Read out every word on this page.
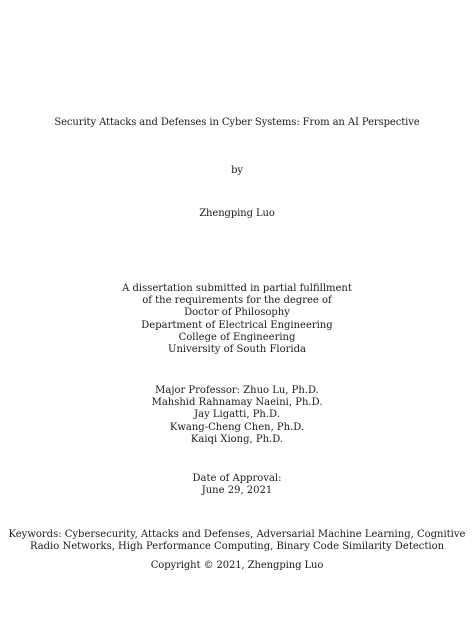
Security Attacks and Defenses in Cyber Systems: From an AI Perspective
by
Zhengping Luo
A dissertation submitted in partial fulfillment
of the requirements for the degree of
Doctor of Philosophy
Department of Electrical Engineering
College of Engineering
University of South Florida
Major Professor: Zhuo Lu, Ph.D.
Mahshid Rahnamay Naeini, Ph.D.
Jay Ligatti, Ph.D.
Kwang-Cheng Chen, Ph.D.
Kaiqi Xiong, Ph.D.
Date of Approval:
June 29, 2021
Keywords: Cybersecurity, Attacks and Defenses, Adversarial Machine Learning, Cognitive
Radio Networks, High Performance Computing, Binary Code Similarity Detection
Copyright © 2021, Zhengping Luo
